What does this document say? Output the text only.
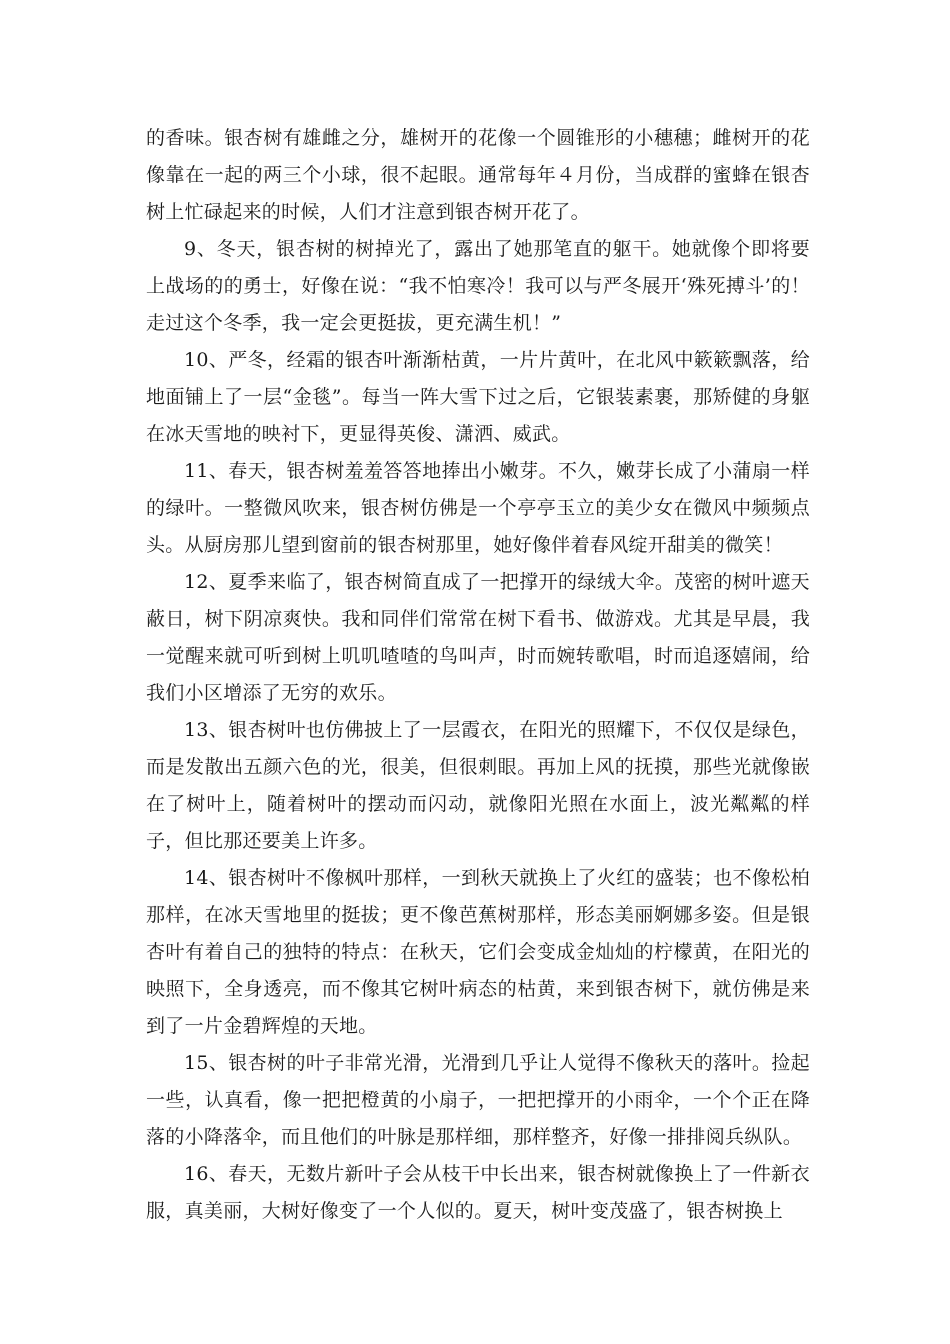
的香味。银杏树有雄雌之分，雄树开的花像一个圆锥形的小穗穗；雌树开的花像靠在一起的两三个小球，很不起眼。通常每年４月份，当成群的蜜蜂在银杏树上忙碌起来的时候，人们才注意到银杏树开花了。

9、冬天，银杏树的树掉光了，露出了她那笔直的躯干。她就像个即将要上战场的的勇士，好像在说：“我不怕寒冷！我可以与严冬展开‘殊死搏斗’的！走过这个冬季，我一定会更挺拔，更充满生机！”

10、严冬，经霜的银杏叶渐渐枯黄，一片片黄叶，在北风中簌簌飘落，给地面铺上了一层“金毯”。每当一阵大雪下过之后，它银装素裹，那矫健的身躯在冰天雪地的映衬下，更显得英俊、潇洒、威武。

11、春天，银杏树羞羞答答地捧出小嫩芽。不久，嫩芽长成了小蒲扇一样的绿叶。一整微风吹来，银杏树仿佛是一个亭亭玉立的美少女在微风中频频点头。从厨房那儿望到窗前的银杏树那里，她好像伴着春风绽开甜美的微笑！

12、夏季来临了，银杏树简直成了一把撑开的绿绒大伞。茂密的树叶遮天蔽日，树下阴凉爽快。我和同伴们常常在树下看书、做游戏。尤其是早晨，我一觉醒来就可听到树上叽叽喳喳的鸟叫声，时而婉转歌唱，时而追逐嬉闹，给我们小区增添了无穷的欢乐。

13、银杏树叶也仿佛披上了一层霞衣，在阳光的照耀下，不仅仅是绿色，而是发散出五颜六色的光，很美，但很刺眼。再加上风的抚摸，那些光就像嵌在了树叶上，随着树叶的摆动而闪动，就像阳光照在水面上，波光粼粼的样子，但比那还要美上许多。

14、银杏树叶不像枫叶那样，一到秋天就换上了火红的盛装；也不像松柏那样，在冰天雪地里的挺拔；更不像芭蕉树那样，形态美丽婀娜多姿。但是银杏叶有着自己的独特的特点：在秋天，它们会变成金灿灿的柠檬黄，在阳光的映照下，全身透亮，而不像其它树叶病态的枯黄，来到银杏树下，就仿佛是来到了一片金碧辉煌的天地。

15、银杏树的叶子非常光滑，光滑到几乎让人觉得不像秋天的落叶。捡起一些，认真看，像一把把橙黄的小扇子，一把把撑开的小雨伞，一个个正在降落的小降落伞，而且他们的叶脉是那样细，那样整齐，好像一排排阅兵纵队。

16、春天，无数片新叶子会从枝干中长出来，银杏树就像换上了一件新衣服，真美丽，大树好像变了一个人似的。夏天，树叶变茂盛了，银杏树换上
